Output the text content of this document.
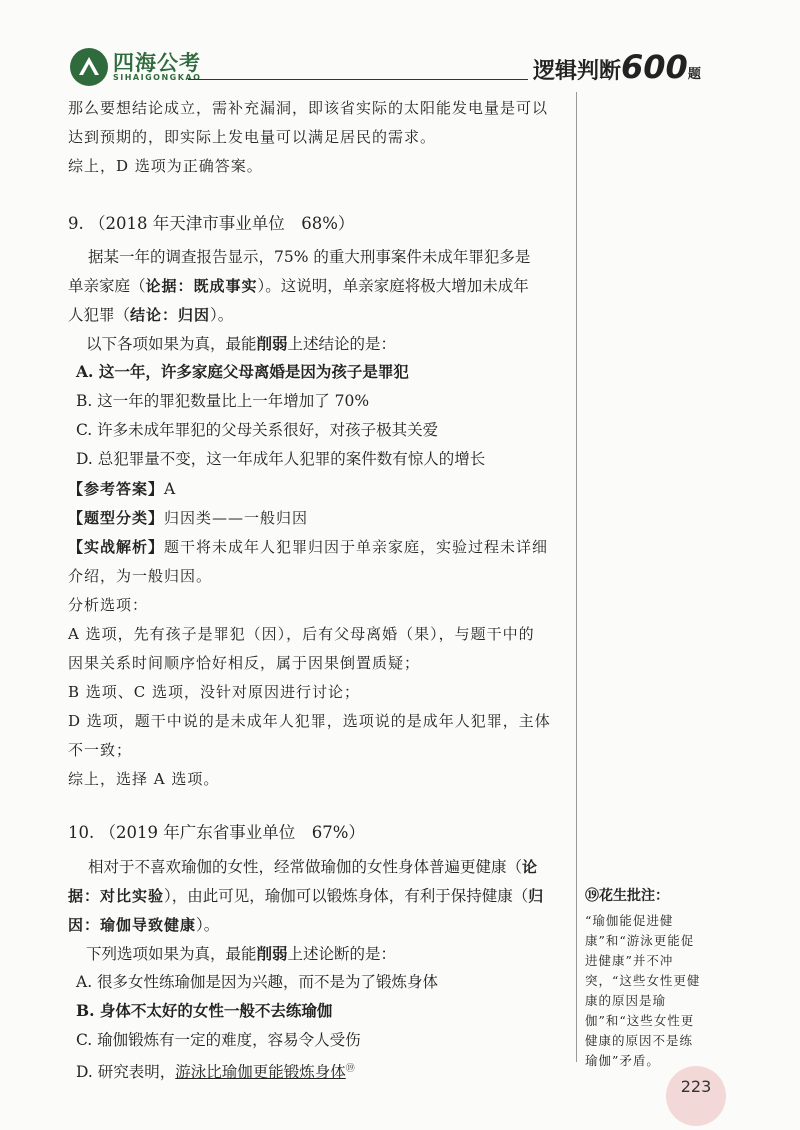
四海公考
SIHAIGONGKAO	逻辑判断600题
那么要想结论成立，需补充漏洞，即该省实际的太阳能发电量是可以
达到预期的，即实际上发电量可以满足居民的需求。
综上，D 选项为正确答案。
9. （2018 年天津市事业单位　68%）
据某一年的调查报告显示，75% 的重大刑事案件未成年罪犯多是
单亲家庭（论据：既成事实）。这说明，单亲家庭将极大增加未成年
人犯罪（结论：归因）。
以下各项如果为真，最能削弱上述结论的是：
A. 这一年，许多家庭父母离婚是因为孩子是罪犯
B. 这一年的罪犯数量比上一年增加了 70%
C. 许多未成年罪犯的父母关系很好，对孩子极其关爱
D. 总犯罪量不变，这一年成年人犯罪的案件数有惊人的增长
【参考答案】A
【题型分类】归因类——一般归因
【实战解析】题干将未成年人犯罪归因于单亲家庭，实验过程未详细
介绍，为一般归因。
分析选项：
A 选项，先有孩子是罪犯（因），后有父母离婚（果），与题干中的
因果关系时间顺序恰好相反，属于因果倒置质疑；
B 选项、C 选项，没针对原因进行讨论；
D 选项，题干中说的是未成年人犯罪，选项说的是成年人犯罪，主体
不一致；
综上，选择 A 选项。
10. （2019 年广东省事业单位　67%）
相对于不喜欢瑜伽的女性，经常做瑜伽的女性身体普遍更健康（论
据：对比实验），由此可见，瑜伽可以锻炼身体，有利于保持健康（归
因：瑜伽导致健康）。
下列选项如果为真，最能削弱上述论断的是：
A. 很多女性练瑜伽是因为兴趣，而不是为了锻炼身体
B. 身体不太好的女性一般不去练瑜伽
C. 瑜伽锻炼有一定的难度，容易令人受伤
D. 研究表明，游泳比瑜伽更能锻炼身体⑲
⑲花生批注：
“瑜伽能促进健康”和“游泳更能促进健康”并不冲突，“这些女性更健康的原因是瑜伽”和“这些女性更健康的原因不是练瑜伽”矛盾。
223
